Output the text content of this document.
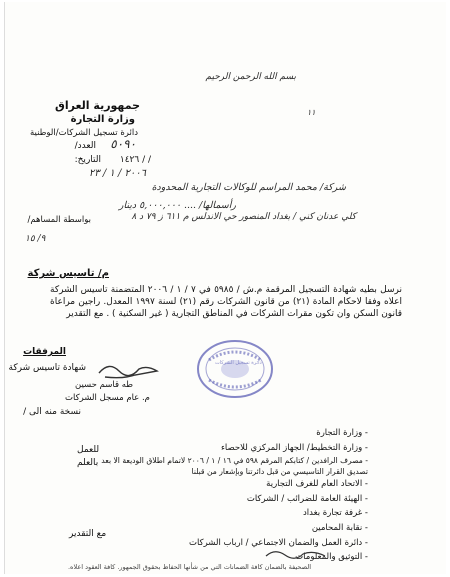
بسم الله الرحمن الرحيم
١١
جمهورية العراق
وزارة التجارة
دائرة تسجيل الشركات/الوطنية
العدد/ ٥٠٩٠
التاريخ: / / ١٤٢٦
٢٠٠٦ / ١ / ٢٣
شركة/ محمد المراسم للوكالات التجارية المحدودة
رأسمالها/ .... ٥,٠٠٠,٠٠٠ دينار
بواسطة المساهم/	كلي عدنان كني / بغداد المنصور حي الاندلس م ٦١١ ز ٧٩ د ٨
٩/ ١٥
م/ تاسيس شركة
نرسل بطيه شهادة التسجيل المرقمة م.ش / ٥٩٨٥ في ٧ / ١ / ٢٠٠٦ المتضمنة تاسيس الشركة اعلاه وفقا لاحكام المادة (٢١) من قانون الشركات رقم (٢١) لسنة ١٩٩٧ المعدل. راجين مراعاة قانون السكن وان تكون مقرات الشركات في المناطق التجارية ( غير السكنية ) . مع التقدير
دائرة تسجيل الشركات
طه قاسم حسين
م. عام مسجل الشركات
المرفقات
شهادة تاسيس شركة
نسخة منه الى /
- وزارة التجارة
- وزارة التخطيط/ الجهاز المركزي للاحصاء
- مصرف الرافدين / كتابكم المرقم ٥٩٨ في ١٦ / ١ / ٢٠٠٦ لاتمام اطلاق الوديعة الا بعد تصديق القرار التاسيسي من قبل دائرتنا وبإشعار من قبلنا
- الاتحاد العام للغرف التجارية
- الهيئة العامة للضرائب / الشركات
- غرفة تجارة بغداد
- نقابة المحامين
- دائرة العمل والضمان الاجتماعي / ارباب الشركات
- التوثيق والمعلومات
للعمل
بالعلم
مع التقدير
الصحيفة بالضمان كافة الضمانات التي من شأنها الحفاظ بحقوق الجمهور. كافة العقود اعلاه.
